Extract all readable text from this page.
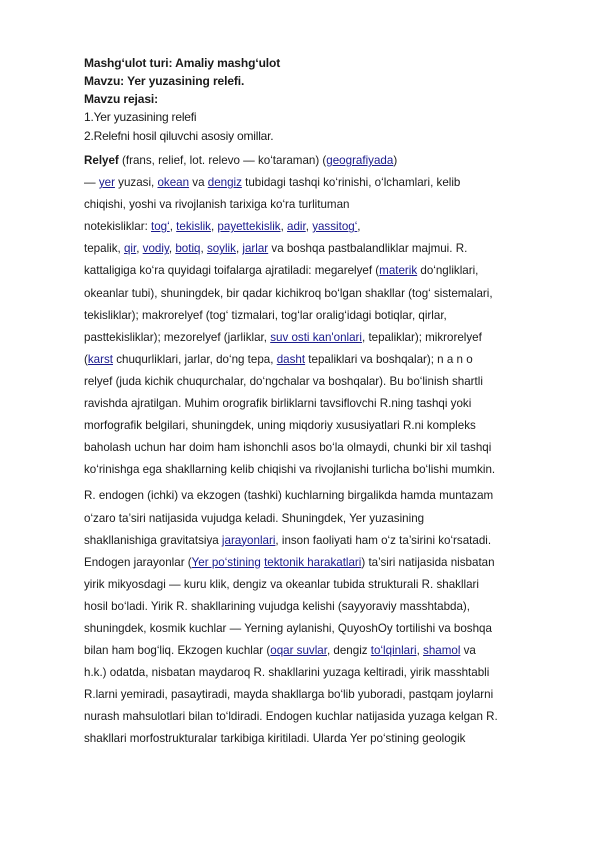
Mashg‘ulot turi: Amaliy mashg‘ulot

Mavzu: Yer yuzasining relefi.

Mavzu rejasi:

1.Yer yuzasining relefi

2.Relefni hosil qiluvchi asosiy omillar.

Relyef (frans, relief, lot. relevo — ko‘taraman) (geografiyada)
— yer yuzasi, okean va dengiz tubidagi tashqi ko‘rinishi, o‘lchamlari, kelib
chiqishi, yoshi va rivojlanish tarixiga ko‘ra turlituman
notekisliklar: tog‘, tekislik, payettekislik, adir, yassitog‘,
tepalik, qir, vodiy, botiq, soylik, jarlar va boshqa pastbalandliklar majmui. R.
kattaligiga ko‘ra quyidagi toifalarga ajratiladi: megarelyef (materik do‘ngliklari,
okeanlar tubi), shuningdek, bir qadar kichikroq bo‘lgan shakllar (tog‘ sistemalari,
tekisliklar); makrorelyef (tog‘ tizmalari, tog‘lar oralig‘idagi botiqlar, qirlar,
pasttekisliklar); mezorelyef (jarliklar, suv osti kan'onlari, tepaliklar); mikrorelyef
(karst chuqurliklari, jarlar, do‘ng tepa, dasht tepaliklari va boshqalar); n a n o
relyef (juda kichik chuqurchalar, do‘ngchalar va boshqalar). Bu bo‘linish shartli
ravishda ajratilgan. Muhim orografik birliklarni tavsiflovchi R.ning tashqi yoki
morfografik belgilari, shuningdek, uning miqdoriy xususiyatlari R.ni kompleks
baholash uchun har doim ham ishonchli asos bo‘la olmaydi, chunki bir xil tashqi
ko‘rinishga ega shakllarning kelib chiqishi va rivojlanishi turlicha bo‘lishi mumkin.
R. endogen (ichki) va ekzogen (tashki) kuchlarning birgalikda hamda muntazam
o‘zaro ta’siri natijasida vujudga keladi. Shuningdek, Yer yuzasining
shakllanishiga gravitatsiya jarayonlari, inson faoliyati ham o‘z ta’sirini ko‘rsatadi.
Endogen jarayonlar (Yer po‘stining tektonik harakatlari) ta’siri natijasida nisbatan
yirik mikyosdagi — kuru klik, dengiz va okeanlar tubida strukturali R. shakllari
hosil bo‘ladi. Yirik R. shakllarining vujudga kelishi (sayyoraviy masshtabda),
shuningdek, kosmik kuchlar — Yerning aylanishi, QuyoshOy tortilishi va boshqa
bilan ham bog‘liq. Ekzogen kuchlar (oqar suvlar, dengiz to‘lqinlari, shamol va
h.k.) odatda, nisbatan maydaroq R. shakllarini yuzaga keltiradi, yirik masshtabli
R.larni yemiradi, pasaytiradi, mayda shakllarga bo‘lib yuboradi, pastqam joylarni
nurash mahsulotlari bilan to‘ldiradi. Endogen kuchlar natijasida yuzaga kelgan R.
shakllari morfostrukturalar tarkibiga kiritiladi. Ularda Yer po‘stining geologik
